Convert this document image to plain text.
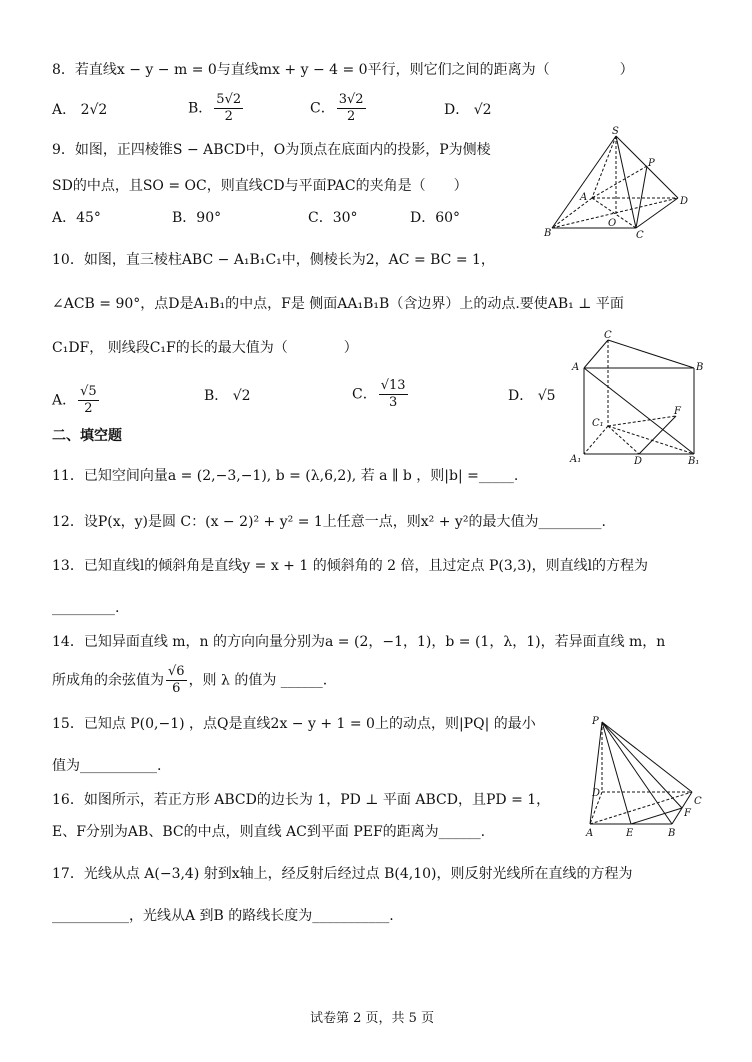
8．若直线x − y − m = 0与直线mx + y − 4 = 0平行，则它们之间的距离为（　　　　　）
A． 2√2	B． $\frac{5√2}{2}$	C． $\frac{3√2}{2}$	D． √2
9．如图，正四棱锥S − ABCD中，O为顶点在底面内的投影，P为侧棱
SD的中点，且SO = OC，则直线CD与平面PAC的夹角是（　　）
A．45°	B．90°	C．30°	D．60°
S
P
A	D
O
B	C
10．如图，直三棱柱ABC − A₁B₁C₁中，侧棱长为2，AC = BC = 1，
∠ACB = 90°，点D是A₁B₁的中点，F是 侧面AA₁B₁B（含边界）上的动点.要使AB₁ ⊥ 平面
C₁DF， 则线段C₁F的长的最大值为（　　　　）
A． $\frac{√5}{2}$	B． √2	C． $\frac{√13}{3}$	D． √5
C
A	B
C₁
F
A₁	D	B₁
二、填空题
11．已知空间向量a = (2,−3,−1), b = (λ,6,2), 若 a ∥ b ，则|b| =_____.
12．设P(x，y)是圆 C：(x − 2)² + y² = 1上任意一点，则x² + y²的最大值为_________.
13．已知直线l的倾斜角是直线y = x + 1 的倾斜角的 2 倍，且过定点 P(3,3)，则直线l的方程为
_________.
14．已知异面直线 m，n 的方向向量分别为a = (2，−1，1)，b = (1，λ，1)，若异面直线 m，n
所成角的余弦值为 $\frac{√6}{6}$ ，则 λ 的值为 ______.
15．已知点 P(0,−1) ，点Q是直线2x − y + 1 = 0上的动点，则|PQ| 的最小
值为___________.
P
D
C
A	E
F
B
16．如图所示，若正方形 ABCD的边长为 1，PD ⊥ 平面 ABCD，且PD = 1，
E、F分别为AB、BC的中点，则直线 AC到平面 PEF的距离为______.
17．光线从点 A(−3,4) 射到x轴上，经反射后经过点 B(4,10)，则反射光线所在直线的方程为
___________，光线从A 到B 的路线长度为___________.
试卷第 2 页，共 5 页
